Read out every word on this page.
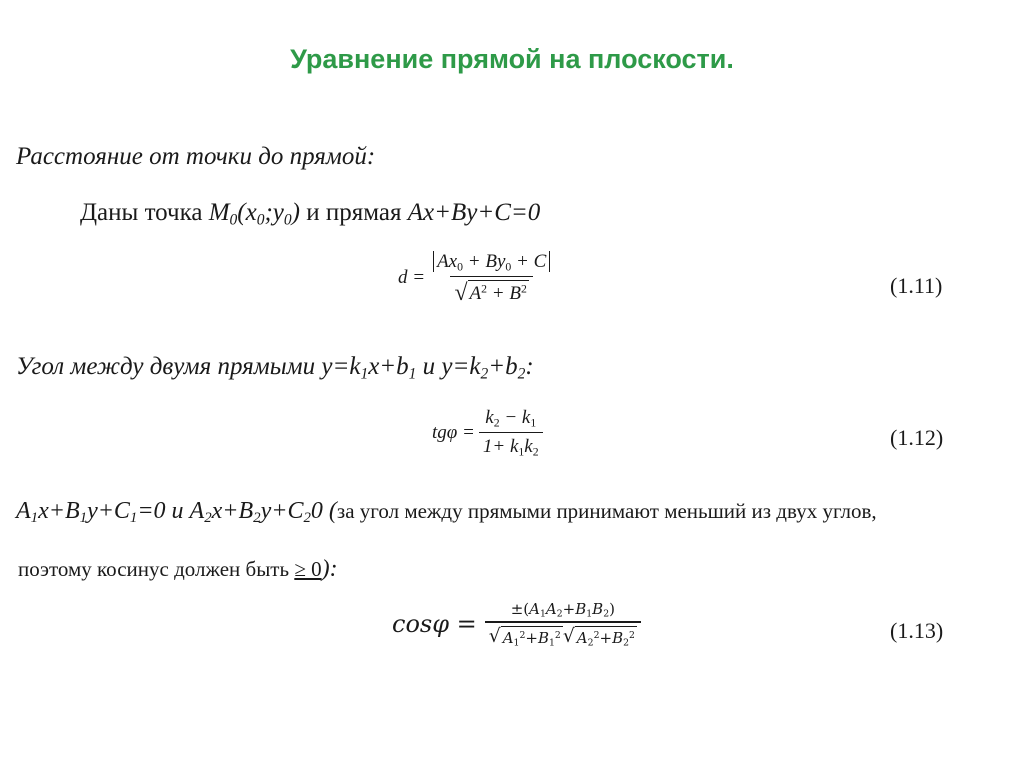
Уравнение прямой на плоскости.
Расстояние от точки до прямой:
Даны точка $M_0(x_0;y_0)$ и прямая Ax+By+C=0
$d = \frac{Ax_0 + By_0 + C}{√ A^2 + B^2}$	(1.11)
Угол между двумя прямыми $y=k_1x+b_1$ и $y=k_2+b_2$:
$tg\varphi = \frac{k_2 - k_1}{1+ k_1k_2}$	(1.12)
$A_1x+B_1y+C_1=0$ и $A_2x+B_2y+C_20$ (за угол между прямыми принимают меньший из двух углов,
поэтому косинус должен быть ≥ 0):
$\cos\varphi = \frac{\pm(A_1A_2+B_1B_2)}{√ A_1^2+B_1^2 √ A_2^2+B_2^2}$	(1.13)
